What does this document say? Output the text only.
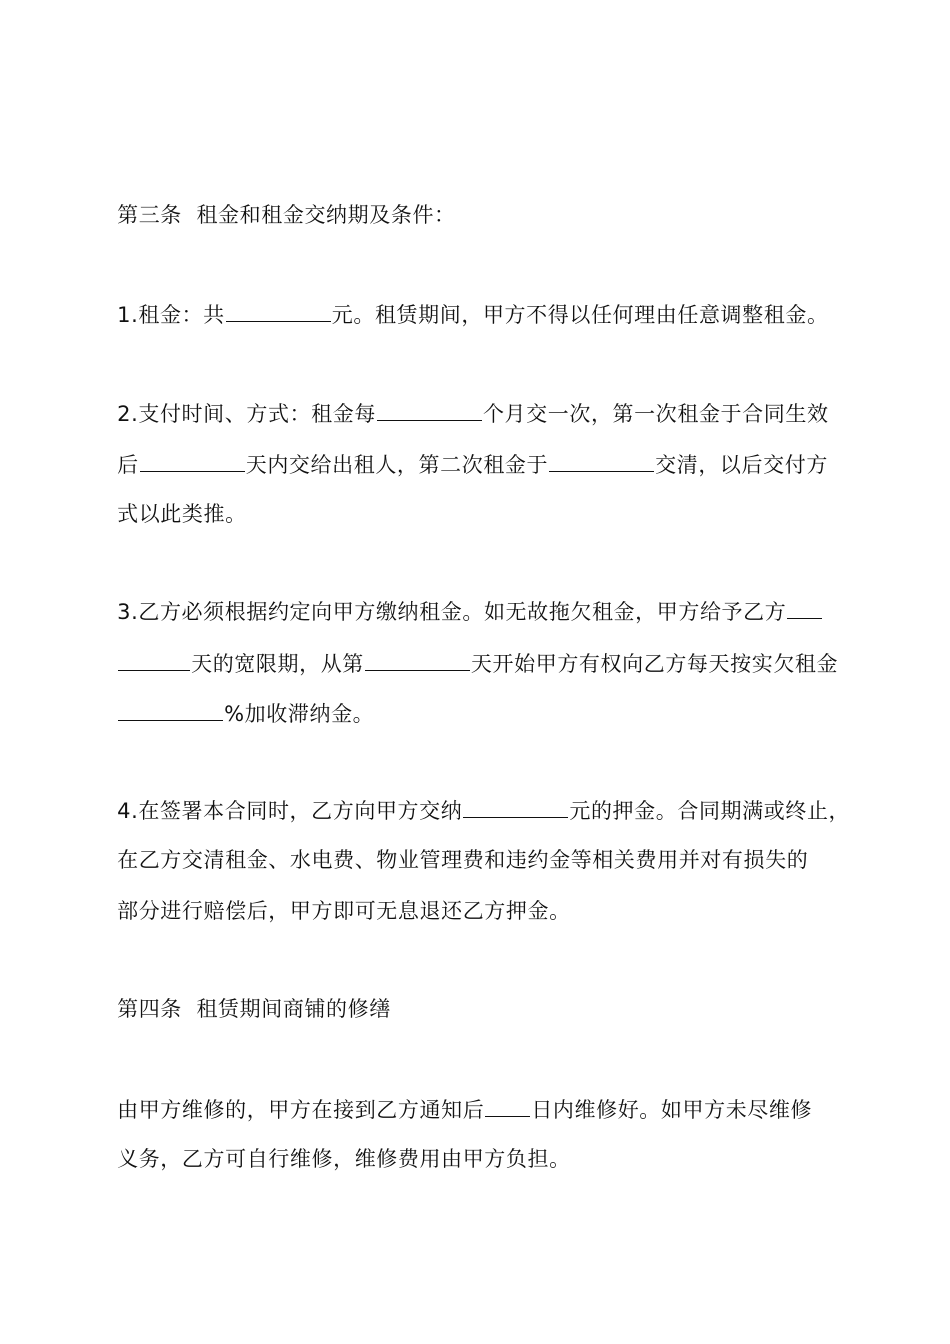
第三条  租金和租金交纳期及条件：

1.租金：共	元。租赁期间，甲方不得以任何理由任意调整租金。

2.支付时间、方式：租金每	个月交一次，第一次租金于合同生效

后	天内交给出租人，第二次租金于	交清，以后交付方

式以此类推。

3.乙方必须根据约定向甲方缴纳租金。如无故拖欠租金，甲方给予乙方

天的宽限期，从第	天开始甲方有权向乙方每天按实欠租金

%加收滞纳金。

4.在签署本合同时，乙方向甲方交纳	元的押金。合同期满或终止，

在乙方交清租金、水电费、物业管理费和违约金等相关费用并对有损失的

部分进行赔偿后，甲方即可无息退还乙方押金。

第四条  租赁期间商铺的修缮

由甲方维修的，甲方在接到乙方通知后 日内维修好。如甲方未尽维修

义务，乙方可自行维修，维修费用由甲方负担。
